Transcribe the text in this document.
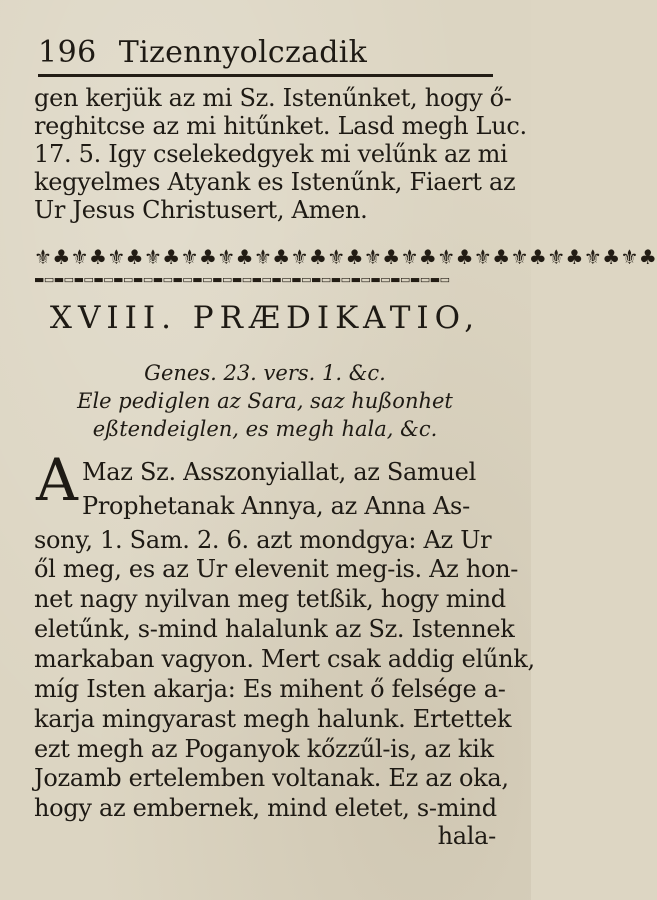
196 Tizennyolczadik
gen kerjük az mi Sz. Istenűnket, hogy ő-
reghitcse az mi hitűnket. Lasd megh Luc.
17. 5. Igy cselekedgyek mi velűnk az mi
kegyelmes Atyank es Istenűnk, Fiaert az
Ur Jesus Christusert, Amen.
⚜♣⚜♣⚜♣⚜♣⚜♣⚜♣⚜♣⚜♣⚜♣⚜♣⚜♣⚜♣⚜♣⚜♣⚜♣⚜♣⚜♣
▬▭▬▭▬▭▬▭▬▭▬▭▬▭▬▭▬▭▬▭▬▭▬▭▬▭▬▭▬▭▬▭▬▭▬▭▬▭▬▭▬▭
XVIII. PRÆDIKATIO,
Genes. 23. vers. 1. &c.
Ele pediglen az Sara, saz hußonhet
eßtendeiglen, es megh hala, &c.
A Maz Sz. Asszonyiallat, az Samuel
Prophetanak Annya, az Anna As-
sony, 1. Sam. 2. 6. azt mondgya: Az Ur
ől meg, es az Ur elevenit meg-is. Az hon-
net nagy nyilvan meg tetßik, hogy mind
eletűnk, s-mind halalunk az Sz. Istennek
markaban vagyon. Mert csak addig elűnk,
míg Isten akarja: Es mihent ő felsége a-
karja mingyarast megh halunk. Ertettek
ezt megh az Poganyok kőzzűl-is, az kik
Jozamb ertelemben voltanak. Ez az oka,
hogy az embernek, mind eletet, s-mind
hala-
